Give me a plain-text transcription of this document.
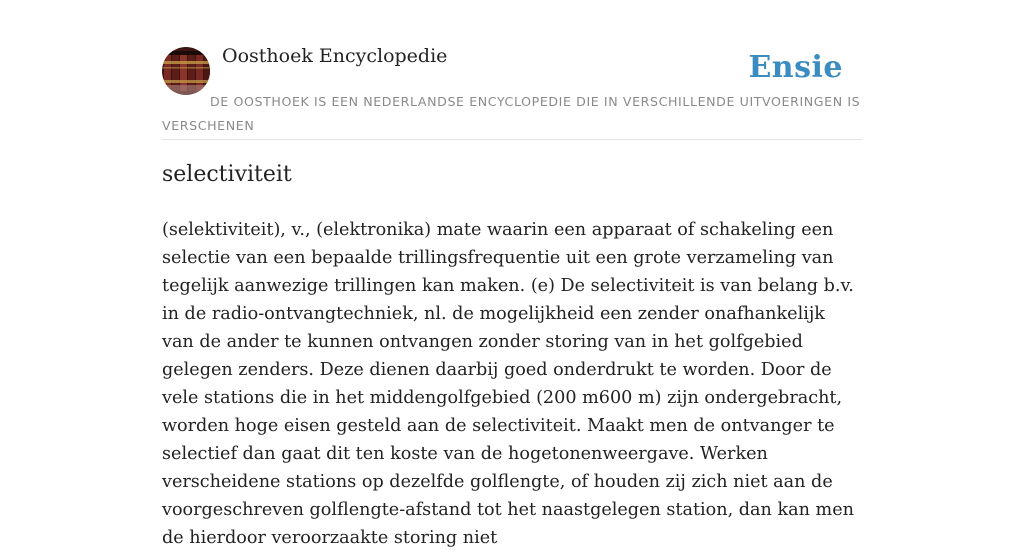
Oosthoek Encyclopedie	Ensie
DE OOSTHOEK IS EEN NEDERLANDSE ENCYCLOPEDIE DIE IN VERSCHILLENDE UITVOERINGEN IS VERSCHENEN
selectiviteit

(selektiviteit), v., (elektronika) mate waarin een apparaat of schakeling een selectie van een bepaalde trillingsfrequentie uit een grote verzameling van tegelijk aanwezige trillingen kan maken. (e) De selectiviteit is van belang b.v. in de radio-ontvangtechniek, nl. de mogelijkheid een zender onafhankelijk van de ander te kunnen ontvangen zonder storing van in het golfgebied gelegen zenders. Deze dienen daarbij goed onderdrukt te worden. Door de vele stations die in het middengolfgebied (200 m600 m) zijn ondergebracht, worden hoge eisen gesteld aan de selectiviteit. Maakt men de ontvanger te selectief dan gaat dit ten koste van de hogetonenweergave. Werken verscheidene stations op dezelfde golflengte, of houden zij zich niet aan de voorgeschreven golflengte-afstand tot het naastgelegen station, dan kan men de hierdoor veroorzaakte storing niet
